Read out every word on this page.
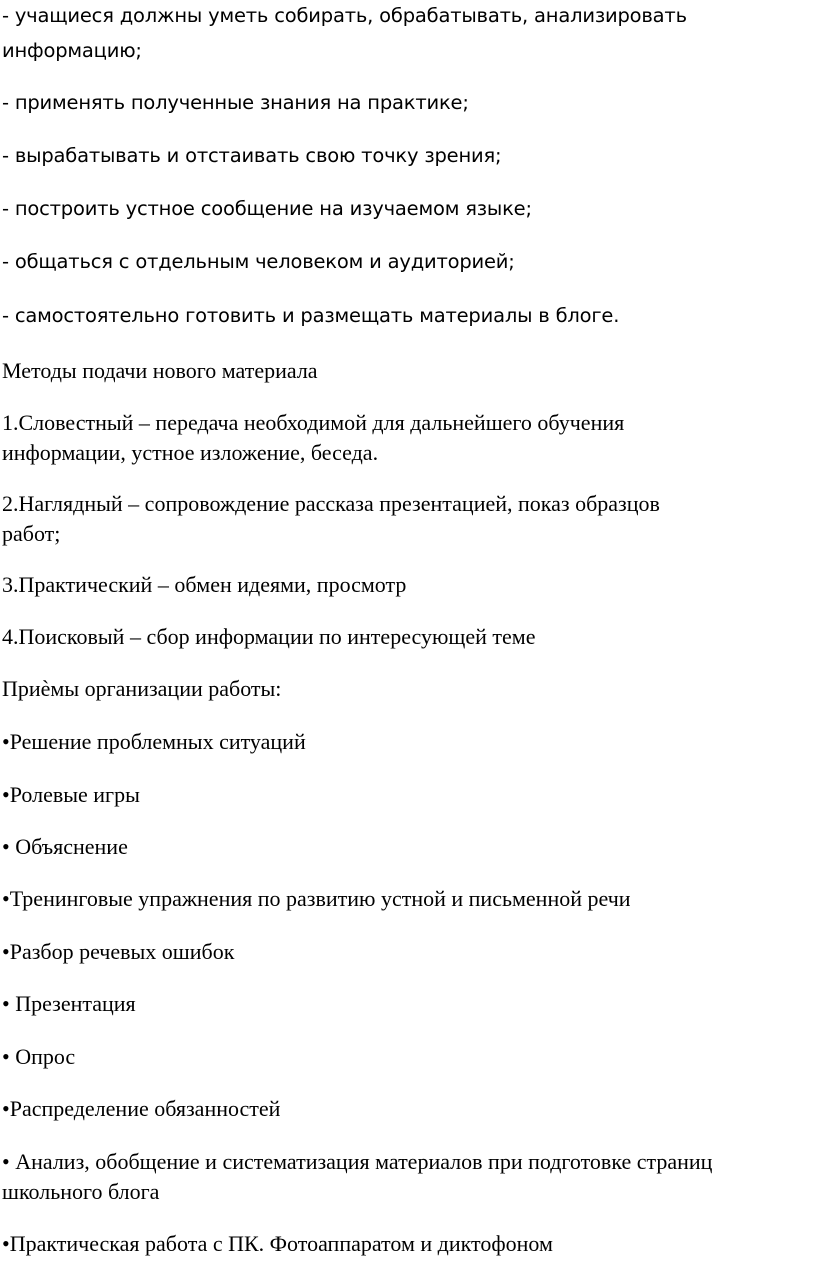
- учащиеся должны уметь собирать, обрабатывать, анализировать

информацию;

- применять полученные знания на практике;

- вырабатывать и отстаивать свою точку зрения;

- построить устное сообщение на изучаемом языке;

- общаться с отдельным человеком и аудиторией;

- самостоятельно готовить и размещать материалы в блоге.

Методы подачи нового материала

1.Словестный – передача необходимой для дальнейшего обучения

информации, устное изложение, беседа.

2.Наглядный – сопровождение рассказа презентацией, показ образцов

работ;

3.Практический – обмен идеями, просмотр

4.Поисковый – сбор информации по интересующей теме

Приѐмы организации работы:

•Решение проблемных ситуаций

•Ролевые игры

• Объяснение

•Тренинговые упражнения по развитию устной и письменной речи

•Разбор речевых ошибок

• Презентация

• Опрос

•Распределение обязанностей

• Анализ, обобщение и систематизация материалов при подготовке страниц

школьного блога

•Практическая работа с ПК. Фотоаппаратом и диктофоном
